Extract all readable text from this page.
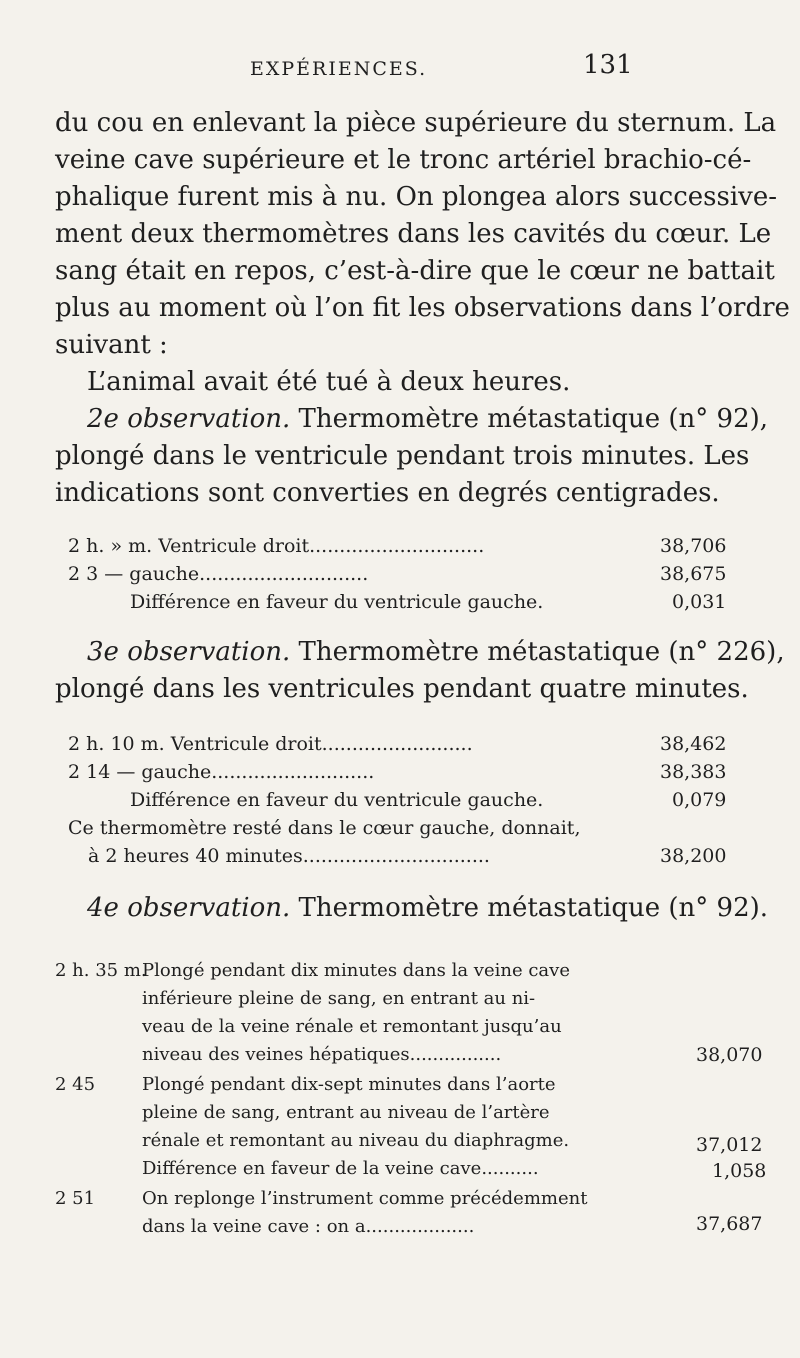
EXPÉRIENCES.	131
du cou en enlevant la pièce supérieure du sternum. La
veine cave supérieure et le tronc artériel brachio-cé-
phalique furent mis à nu. On plongea alors successive-
ment deux thermomètres dans les cavités du cœur. Le
sang était en repos, c’est-à-dire que le cœur ne battait
plus au moment où l’on fit les observations dans l’ordre
suivant :
L’animal avait été tué à deux heures.
2e observation. Thermomètre métastatique (n° 92),
plongé dans le ventricule pendant trois minutes. Les
indications sont converties en degrés centigrades.
2 h. » m. Ventricule droit.............................	38,706
2 3 — gauche............................	38,675
Différence en faveur du ventricule gauche.	0,031
3e observation. Thermomètre métastatique (n° 226),
plongé dans les ventricules pendant quatre minutes.
2 h. 10 m. Ventricule droit.........................	38,462
2 14 — gauche...........................	38,383
Différence en faveur du ventricule gauche.	0,079
Ce thermomètre resté dans le cœur gauche, donnait,
à 2 heures 40 minutes...............................	38,200
4e observation. Thermomètre métastatique (n° 92).
2 h. 35 m.
Plongé pendant dix minutes dans la veine cave
inférieure pleine de sang, en entrant au ni-
veau de la veine rénale et remontant jusqu’au
niveau des veines hépatiques................	38,070
2 45	Plongé pendant dix-sept minutes dans l’aorte
pleine de sang, entrant au niveau de l’artère
rénale et remontant au niveau du diaphragme.	37,012
Différence en faveur de la veine cave..........	1,058
2 51	On replonge l’instrument comme précédemment
dans la veine cave : on a...................	37,687
